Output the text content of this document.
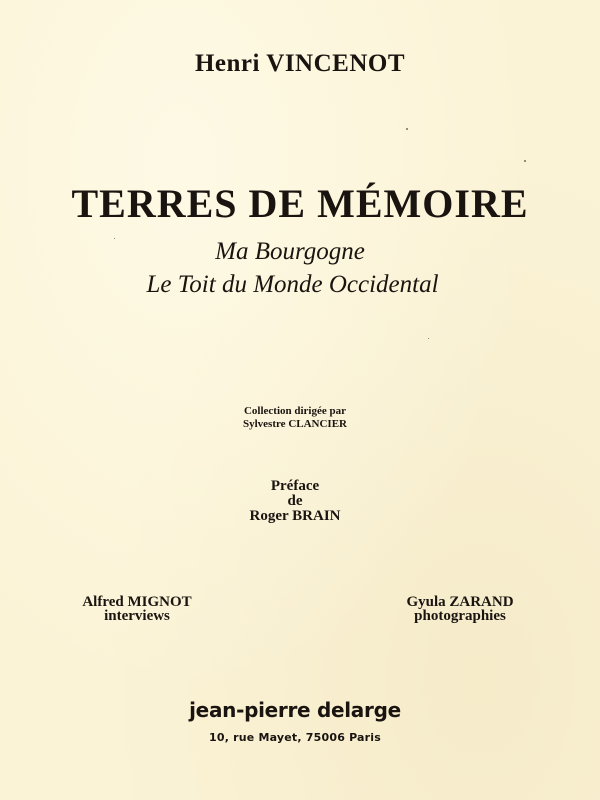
Henri VINCENOT
TERRES DE MÉMOIRE
Ma Bourgogne
Le Toit du Monde Occidental
Collection dirigée par
Sylvestre CLANCIER
Préface
de
Roger BRAIN
Alfred MIGNOT
interviews
Gyula ZARAND
photographies
jean-pierre delarge
10, rue Mayet, 75006 Paris
